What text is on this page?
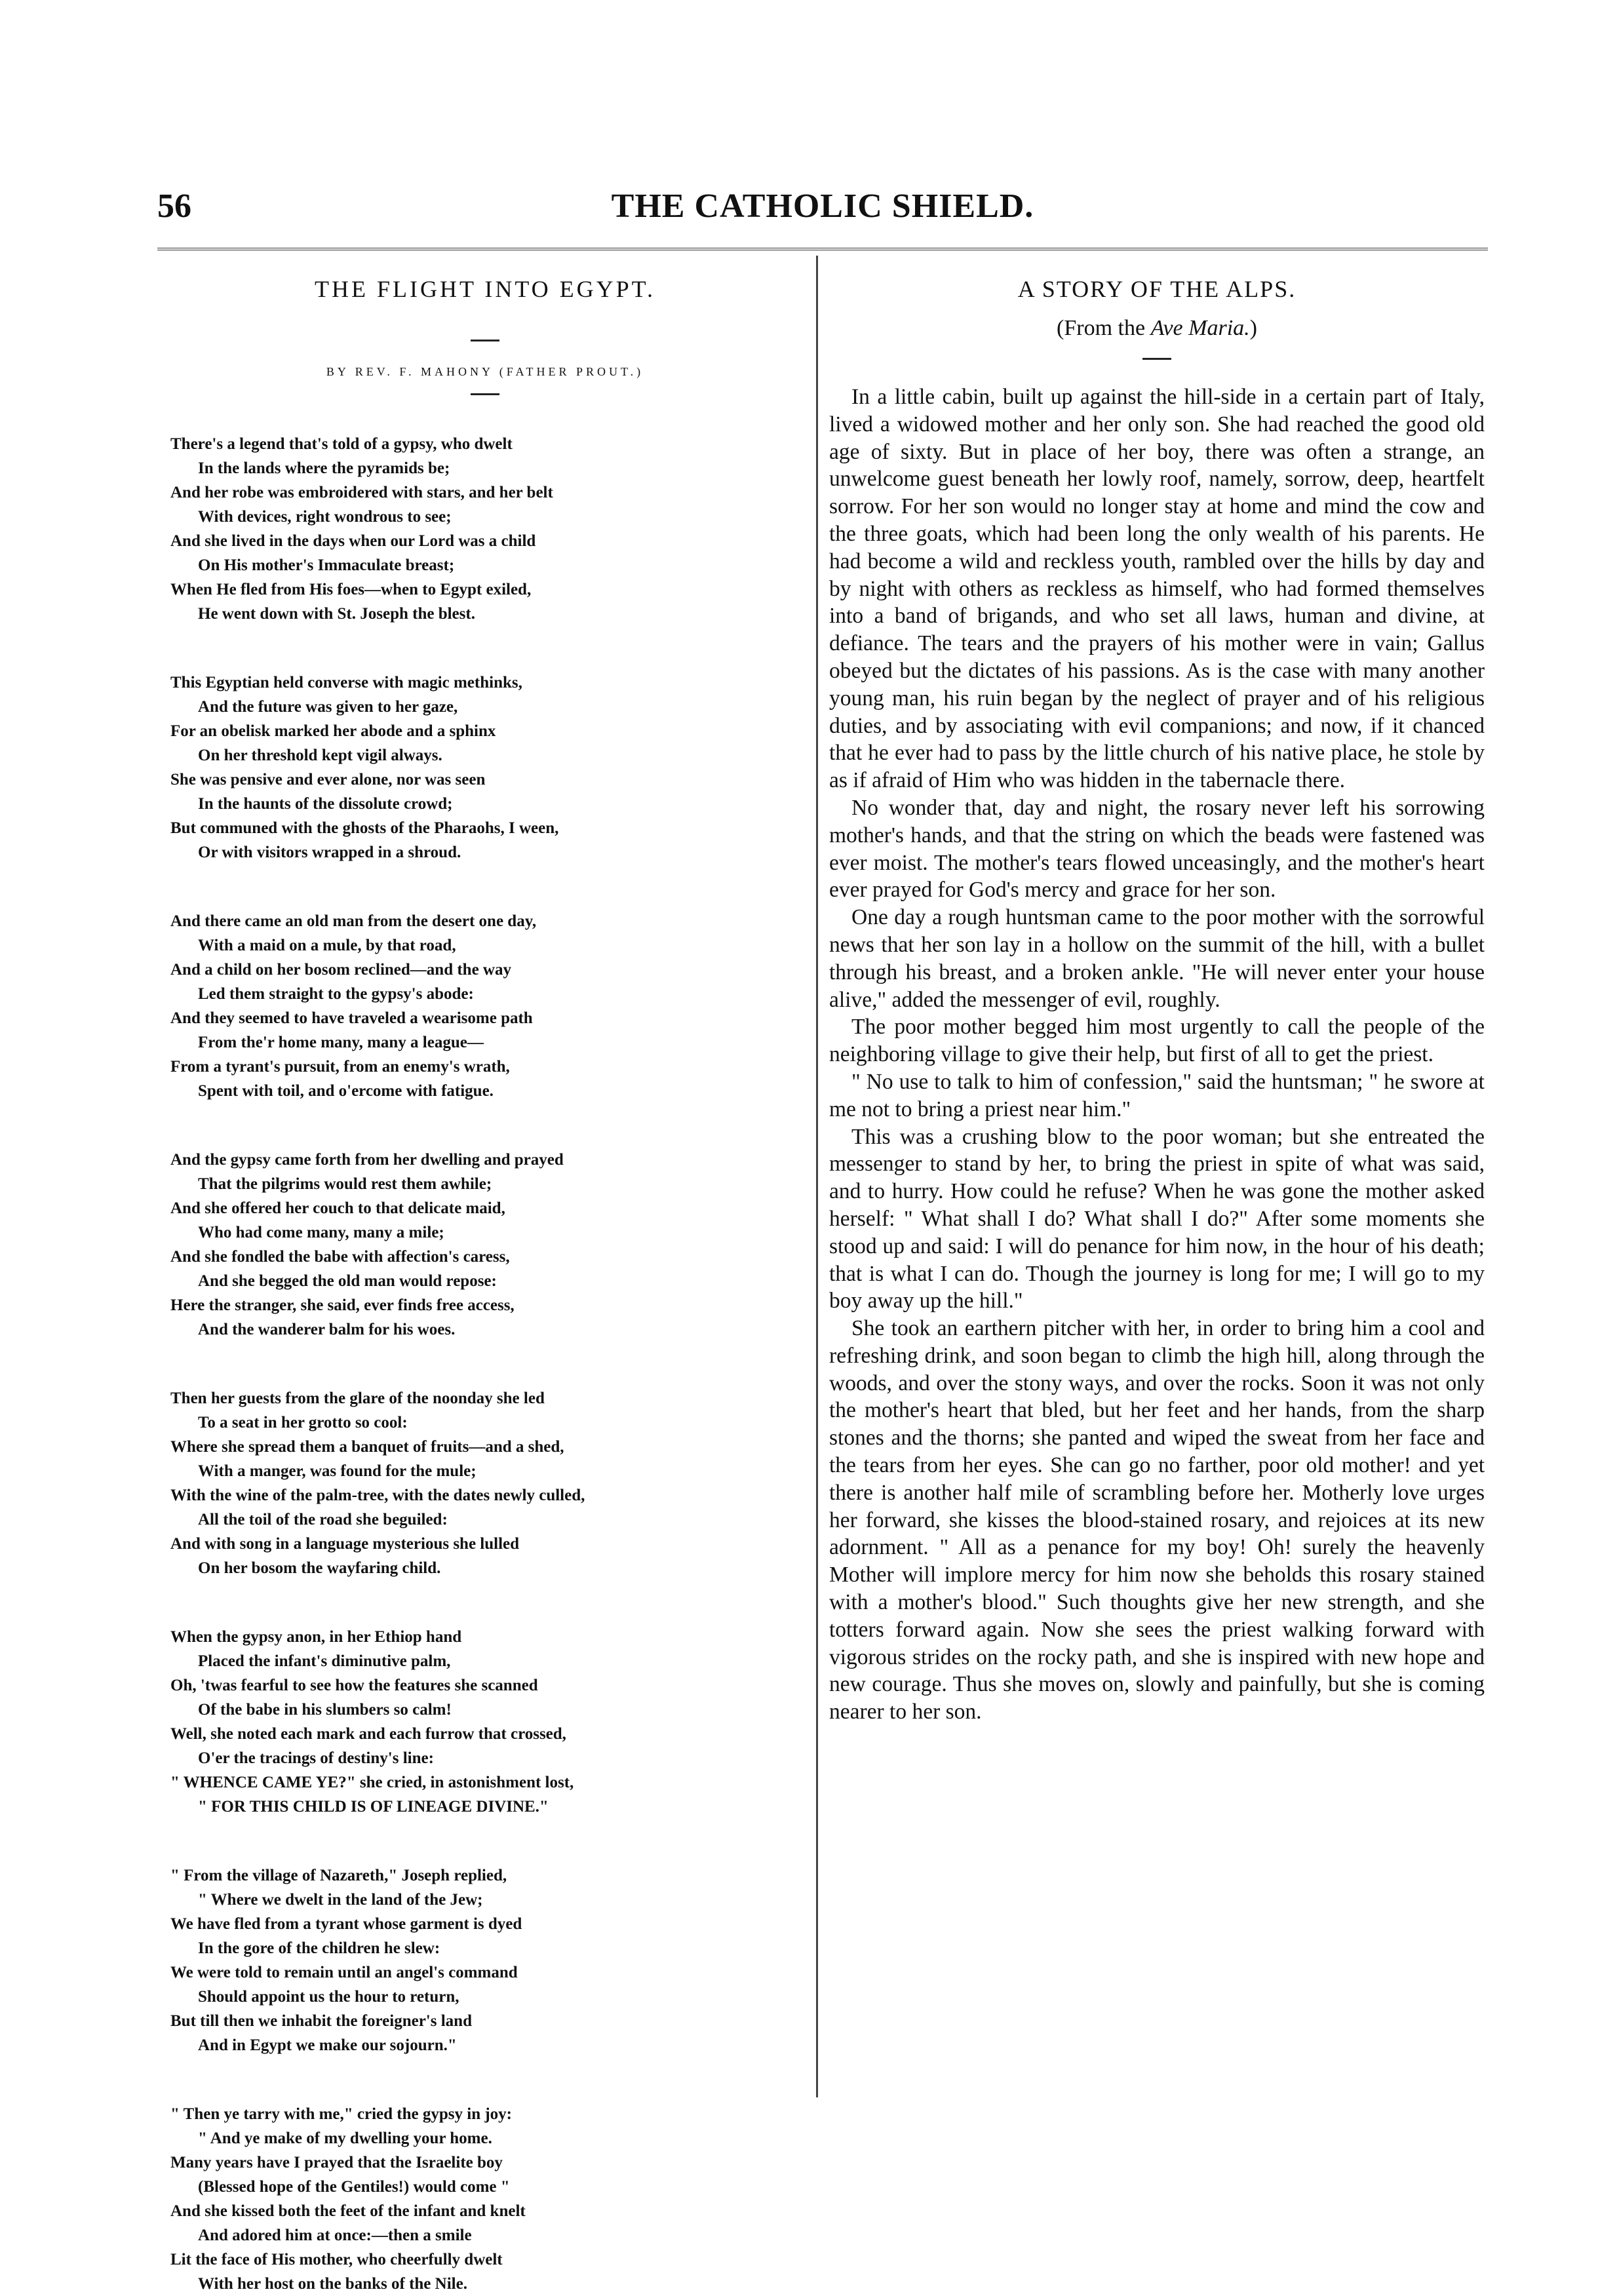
56	THE CATHOLIC SHIELD.
THE FLIGHT INTO EGYPT.
BY REV. F. MAHONY (FATHER PROUT.)
There's a legend that's told of a gypsy, who dwelt
In the lands where the pyramids be;
And her robe was embroidered with stars, and her belt
With devices, right wondrous to see;
And she lived in the days when our Lord was a child
On His mother's Immaculate breast;
When He fled from His foes—when to Egypt exiled,
He went down with St. Joseph the blest.
This Egyptian held converse with magic methinks,
And the future was given to her gaze,
For an obelisk marked her abode and a sphinx
On her threshold kept vigil always.
She was pensive and ever alone, nor was seen
In the haunts of the dissolute crowd;
But communed with the ghosts of the Pharaohs, I ween,
Or with visitors wrapped in a shroud.
And there came an old man from the desert one day,
With a maid on a mule, by that road,
And a child on her bosom reclined—and the way
Led them straight to the gypsy's abode:
And they seemed to have traveled a wearisome path
From the'r home many, many a league—
From a tyrant's pursuit, from an enemy's wrath,
Spent with toil, and o'ercome with fatigue.
And the gypsy came forth from her dwelling and prayed
That the pilgrims would rest them awhile;
And she offered her couch to that delicate maid,
Who had come many, many a mile;
And she fondled the babe with affection's caress,
And she begged the old man would repose:
Here the stranger, she said, ever finds free access,
And the wanderer balm for his woes.
Then her guests from the glare of the noonday she led
To a seat in her grotto so cool:
Where she spread them a banquet of fruits—and a shed,
With a manger, was found for the mule;
With the wine of the palm-tree, with the dates newly culled,
All the toil of the road she beguiled:
And with song in a language mysterious she lulled
On her bosom the wayfaring child.
When the gypsy anon, in her Ethiop hand
Placed the infant's diminutive palm,
Oh, 'twas fearful to see how the features she scanned
Of the babe in his slumbers so calm!
Well, she noted each mark and each furrow that crossed,
O'er the tracings of destiny's line:
" WHENCE CAME YE?" she cried, in astonishment lost,
" FOR THIS CHILD IS OF LINEAGE DIVINE."
" From the village of Nazareth," Joseph replied,
" Where we dwelt in the land of the Jew;
We have fled from a tyrant whose garment is dyed
In the gore of the children he slew:
We were told to remain until an angel's command
Should appoint us the hour to return,
But till then we inhabit the foreigner's land
And in Egypt we make our sojourn."
" Then ye tarry with me," cried the gypsy in joy:
" And ye make of my dwelling your home.
Many years have I prayed that the Israelite boy
(Blessed hope of the Gentiles!) would come "
And she kissed both the feet of the infant and knelt
And adored him at once:—then a smile
Lit the face of His mother, who cheerfully dwelt
With her host on the banks of the Nile.
A STORY OF THE ALPS.
(From the Ave Maria.)

In a little cabin, built up against the hill-side in a certain part of Italy, lived a widowed mother and her only son. She had reached the good old age of sixty. But in place of her boy, there was often a strange, an unwelcome guest beneath her lowly roof, namely, sorrow, deep, heartfelt sorrow. For her son would no longer stay at home and mind the cow and the three goats, which had been long the only wealth of his parents. He had become a wild and reckless youth, rambled over the hills by day and by night with others as reckless as himself, who had formed themselves into a band of brigands, and who set all laws, human and divine, at defiance. The tears and the prayers of his mother were in vain; Gallus obeyed but the dictates of his passions. As is the case with many another young man, his ruin began by the neglect of prayer and of his religious duties, and by associating with evil companions; and now, if it chanced that he ever had to pass by the little church of his native place, he stole by as if afraid of Him who was hidden in the tabernacle there.

No wonder that, day and night, the rosary never left his sorrowing mother's hands, and that the string on which the beads were fastened was ever moist. The mother's tears flowed unceasingly, and the mother's heart ever prayed for God's mercy and grace for her son.

One day a rough huntsman came to the poor mother with the sorrowful news that her son lay in a hollow on the summit of the hill, with a bullet through his breast, and a broken ankle. "He will never enter your house alive," added the messenger of evil, roughly.

The poor mother begged him most urgently to call the people of the neighboring village to give their help, but first of all to get the priest.

" No use to talk to him of confession," said the huntsman; " he swore at me not to bring a priest near him."

This was a crushing blow to the poor woman; but she entreated the messenger to stand by her, to bring the priest in spite of what was said, and to hurry. How could he refuse? When he was gone the mother asked herself: " What shall I do? What shall I do?" After some moments she stood up and said: I will do penance for him now, in the hour of his death; that is what I can do. Though the journey is long for me; I will go to my boy away up the hill."

She took an earthern pitcher with her, in order to bring him a cool and refreshing drink, and soon began to climb the high hill, along through the woods, and over the stony ways, and over the rocks. Soon it was not only the mother's heart that bled, but her feet and her hands, from the sharp stones and the thorns; she panted and wiped the sweat from her face and the tears from her eyes. She can go no farther, poor old mother! and yet there is another half mile of scrambling before her. Motherly love urges her forward, she kisses the blood-stained rosary, and rejoices at its new adornment. " All as a penance for my boy! Oh! surely the heavenly Mother will implore mercy for him now she beholds this rosary stained with a mother's blood." Such thoughts give her new strength, and she totters forward again. Now she sees the priest walking forward with vigorous strides on the rocky path, and she is inspired with new hope and new courage. Thus she moves on, slowly and painfully, but she is coming nearer to her son.
